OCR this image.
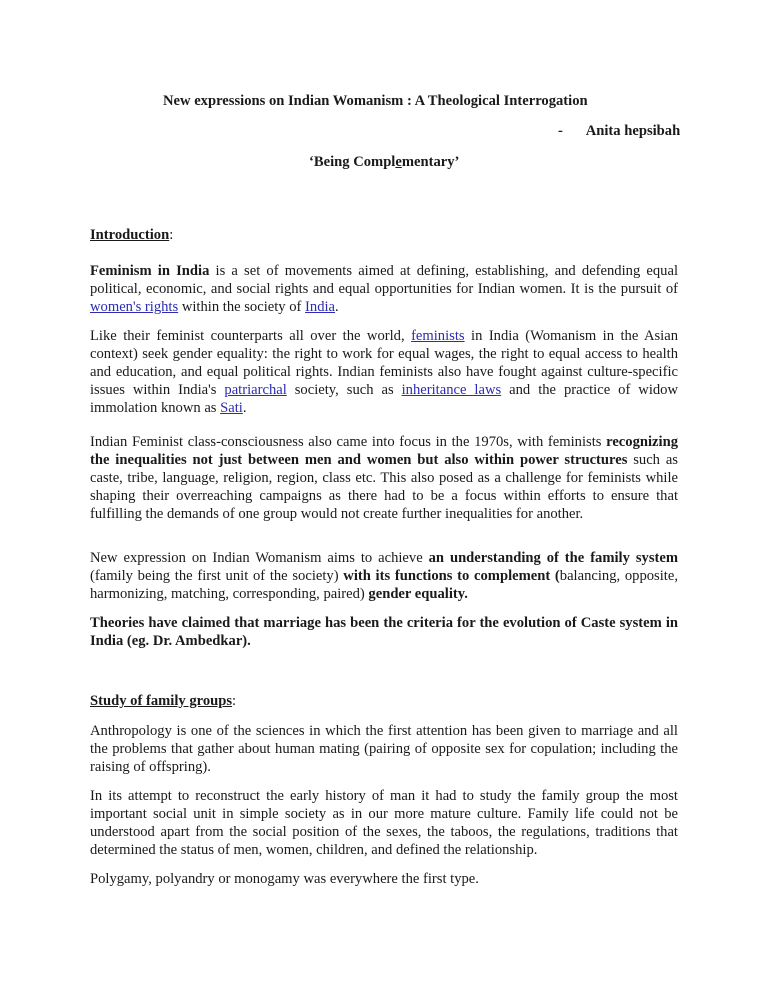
New expressions on Indian Womanism : A Theological Interrogation
- Anita hepsibah
‘Being Complementary’
Introduction:

Feminism in India is a set of movements aimed at defining, establishing, and defending equal political, economic, and social rights and equal opportunities for Indian women. It is the pursuit of women's rights within the society of India.

Like their feminist counterparts all over the world, feminists in India (Womanism in the Asian context) seek gender equality: the right to work for equal wages, the right to equal access to health and education, and equal political rights. Indian feminists also have fought against culture-specific issues within India's patriarchal society, such as inheritance laws and the practice of widow immolation known as Sati.

Indian Feminist class-consciousness also came into focus in the 1970s, with feminists recognizing the inequalities not just between men and women but also within power structures such as caste, tribe, language, religion, region, class etc. This also posed as a challenge for feminists while shaping their overreaching campaigns as there had to be a focus within efforts to ensure that fulfilling the demands of one group would not create further inequalities for another.

New expression on Indian Womanism aims to achieve an understanding of the family system (family being the first unit of the society) with its functions to complement (balancing, opposite, harmonizing, matching, corresponding, paired) gender equality.

Theories have claimed that marriage has been the criteria for the evolution of Caste system in India (eg. Dr. Ambedkar).

Study of family groups:

Anthropology is one of the sciences in which the first attention has been given to marriage and all the problems that gather about human mating (pairing of opposite sex for copulation; including the raising of offspring).

In its attempt to reconstruct the early history of man it had to study the family group the most important social unit in simple society as in our more mature culture. Family life could not be understood apart from the social position of the sexes, the taboos, the regulations, traditions that determined the status of men, women, children, and defined the relationship.

Polygamy, polyandry or monogamy was everywhere the first type.
